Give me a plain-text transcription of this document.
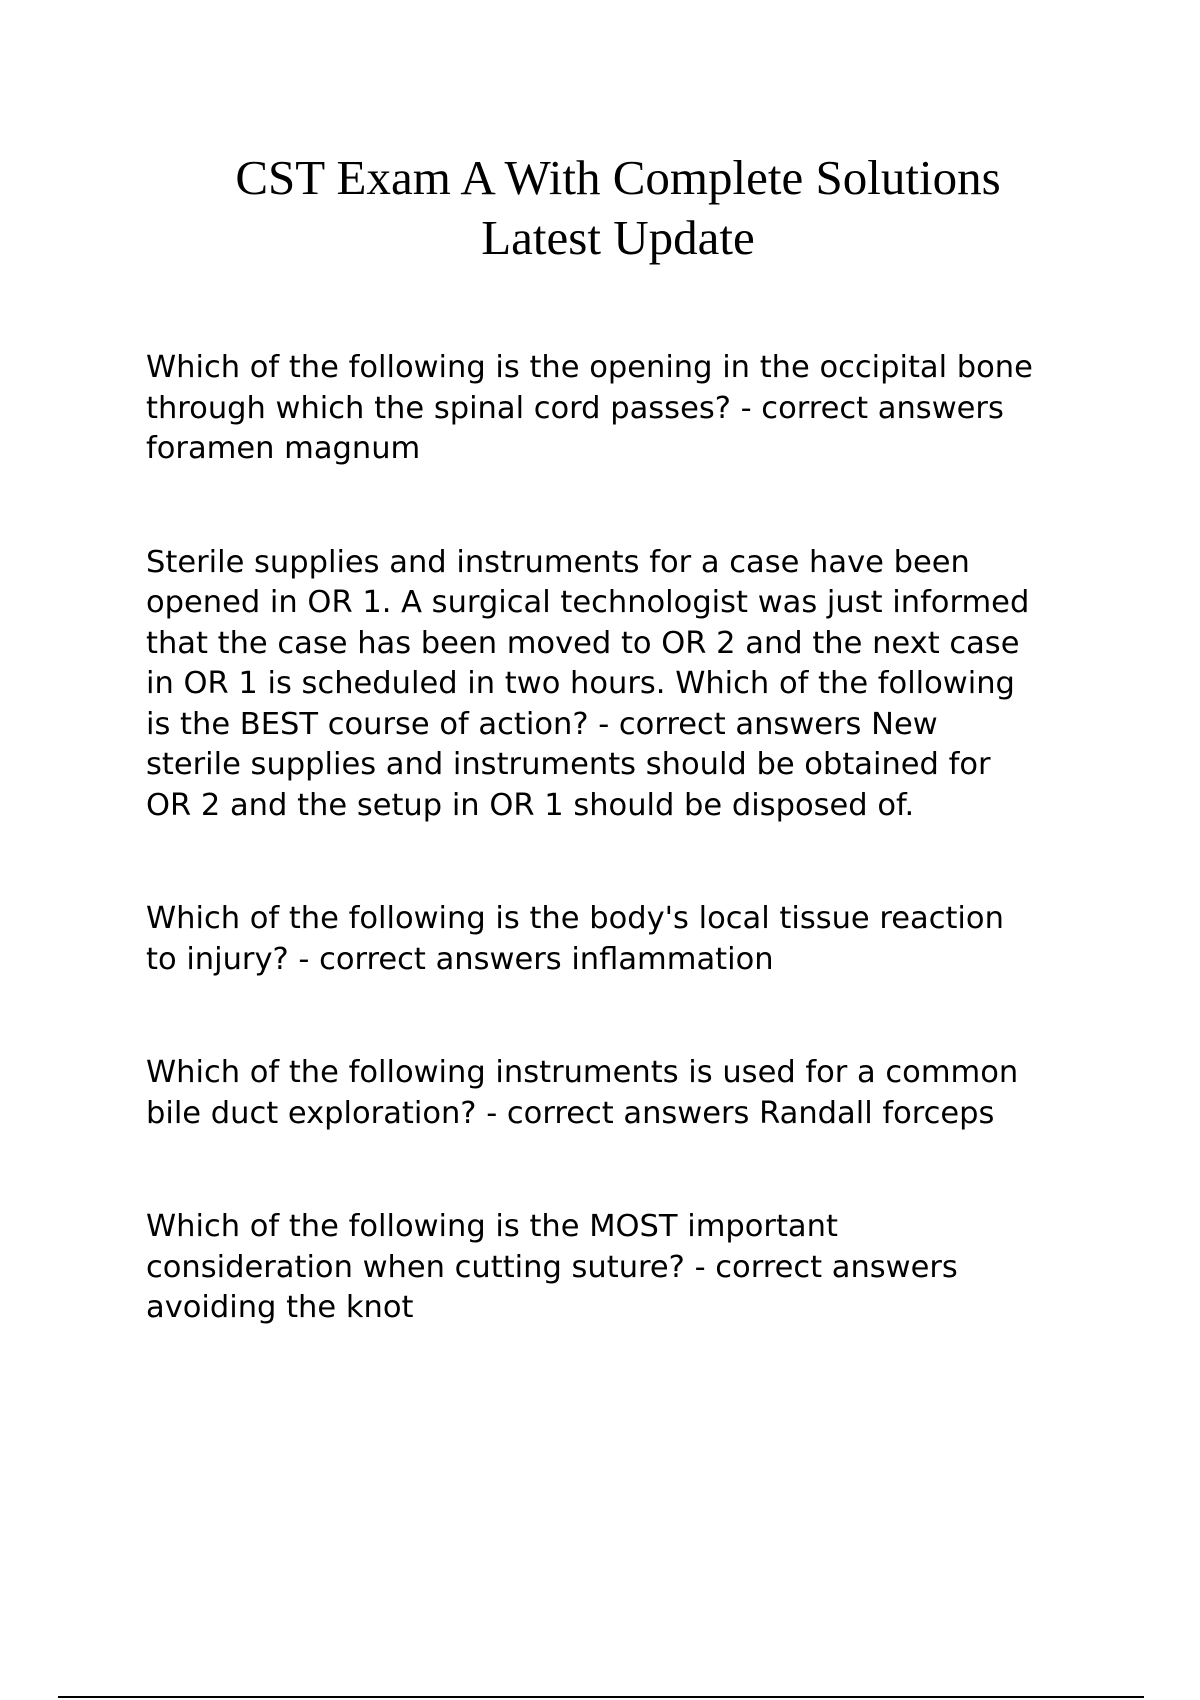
CST Exam A With Complete Solutions
Latest Update

Which of the following is the opening in the occipital bone
through which the spinal cord passes? - correct answers
foramen magnum

Sterile supplies and instruments for a case have been
opened in OR 1. A surgical technologist was just informed
that the case has been moved to OR 2 and the next case
in OR 1 is scheduled in two hours. Which of the following
is the BEST course of action? - correct answers New
sterile supplies and instruments should be obtained for
OR 2 and the setup in OR 1 should be disposed of.

Which of the following is the body's local tissue reaction
to injury? - correct answers inflammation

Which of the following instruments is used for a common
bile duct exploration? - correct answers Randall forceps

Which of the following is the MOST important
consideration when cutting suture? - correct answers
avoiding the knot
